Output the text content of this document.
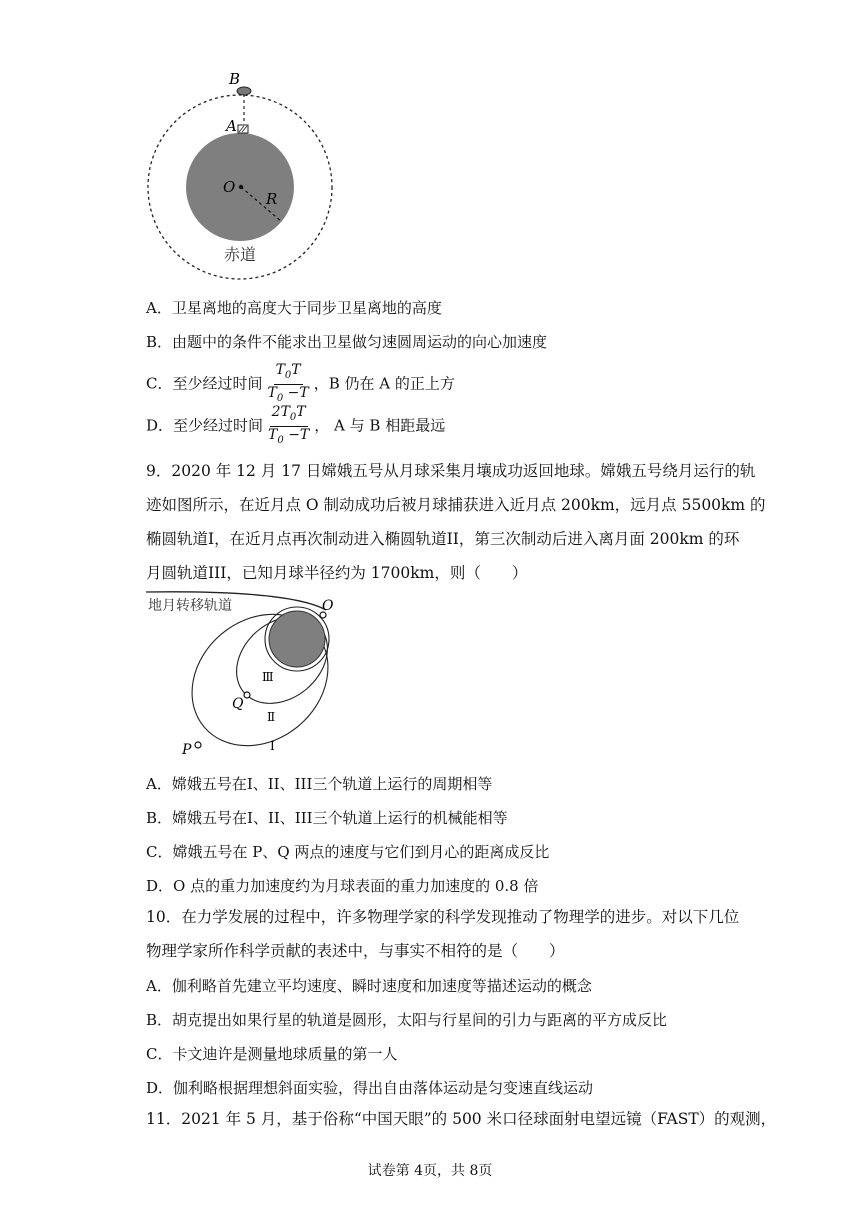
B
A
O
R
赤道
A．卫星离地的高度大于同步卫星离地的高度
B．由题中的条件不能求出卫星做匀速圆周运动的向心加速度
C．至少经过时间 $\frac{T_0T}{T_0 -T}$ ，B 仍在 A 的正上方
D．至少经过时间 $\frac{2T_0T}{T_0 -T}$ ， A 与 B 相距最远
9．2020 年 12 月 17 日嫦娥五号从月球采集月壤成功返回地球。嫦娥五号绕月运行的轨
迹如图所示，在近月点 O 制动成功后被月球捕获进入近月点 200km，远月点 5500km 的
椭圆轨道I，在近月点再次制动进入椭圆轨道II，第三次制动后进入离月面 200km 的环
月圆轨道III，已知月球半径约为 1700km，则（　　）
地月转移轨道	O
Ⅲ
Q
Ⅱ
P	Ⅰ
A．嫦娥五号在I、II、III三个轨道上运行的周期相等
B．嫦娥五号在I、II、III三个轨道上运行的机械能相等
C．嫦娥五号在 P、Q 两点的速度与它们到月心的距离成反比
D．O 点的重力加速度约为月球表面的重力加速度的 0.8 倍
10．在力学发展的过程中，许多物理学家的科学发现推动了物理学的进步。对以下几位
物理学家所作科学贡献的表述中，与事实不相符的是（　　）
A．伽利略首先建立平均速度、瞬时速度和加速度等描述运动的概念
B．胡克提出如果行星的轨道是圆形，太阳与行星间的引力与距离的平方成反比
C．卡文迪许是测量地球质量的第一人
D．伽利略根据理想斜面实验，得出自由落体运动是匀变速直线运动
11．2021 年 5 月，基于俗称“中国天眼”的 500 米口径球面射电望远镜（FAST）的观测，
试卷第 4页，共 8页
